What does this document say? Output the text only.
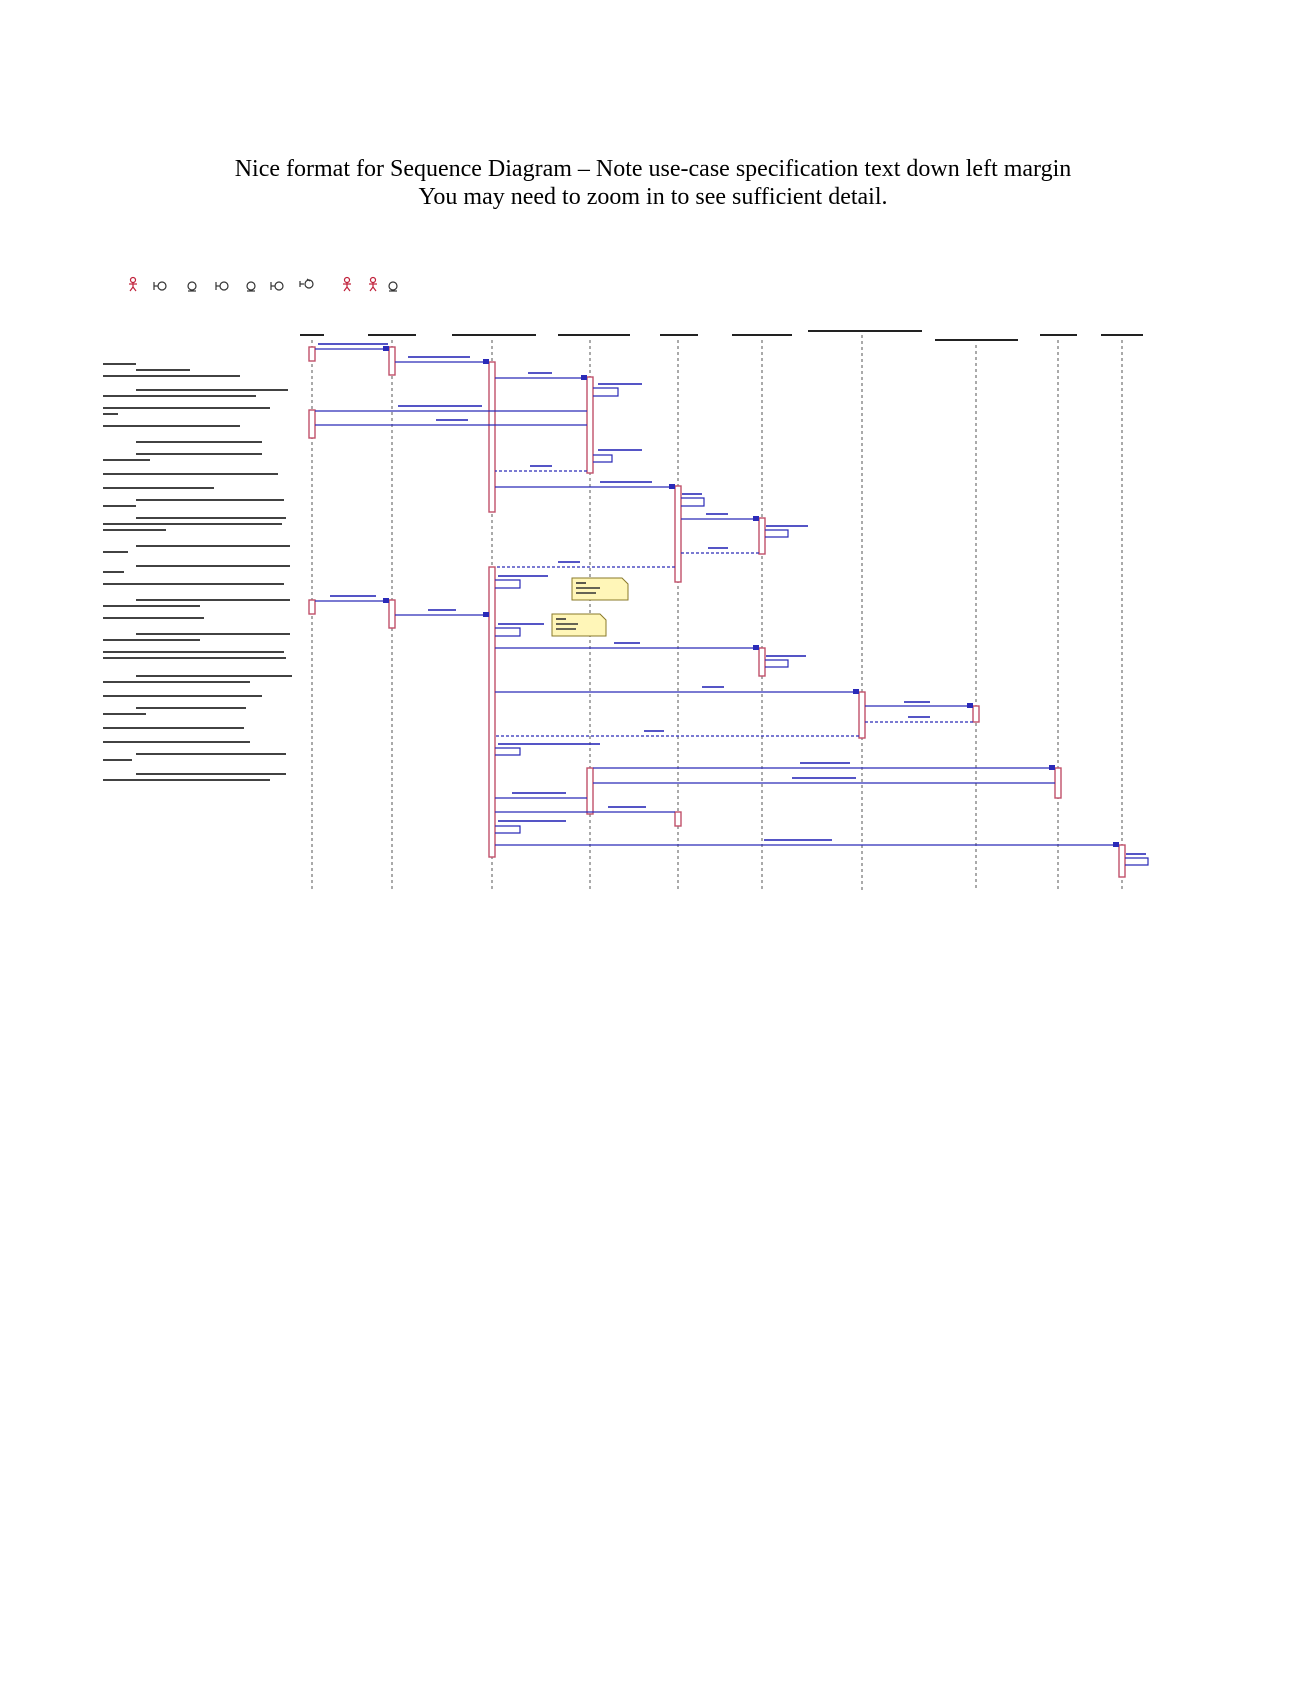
Nice format for Sequence Diagram – Note use-case specification text down left margin
You may need to zoom in to see sufficient detail.
